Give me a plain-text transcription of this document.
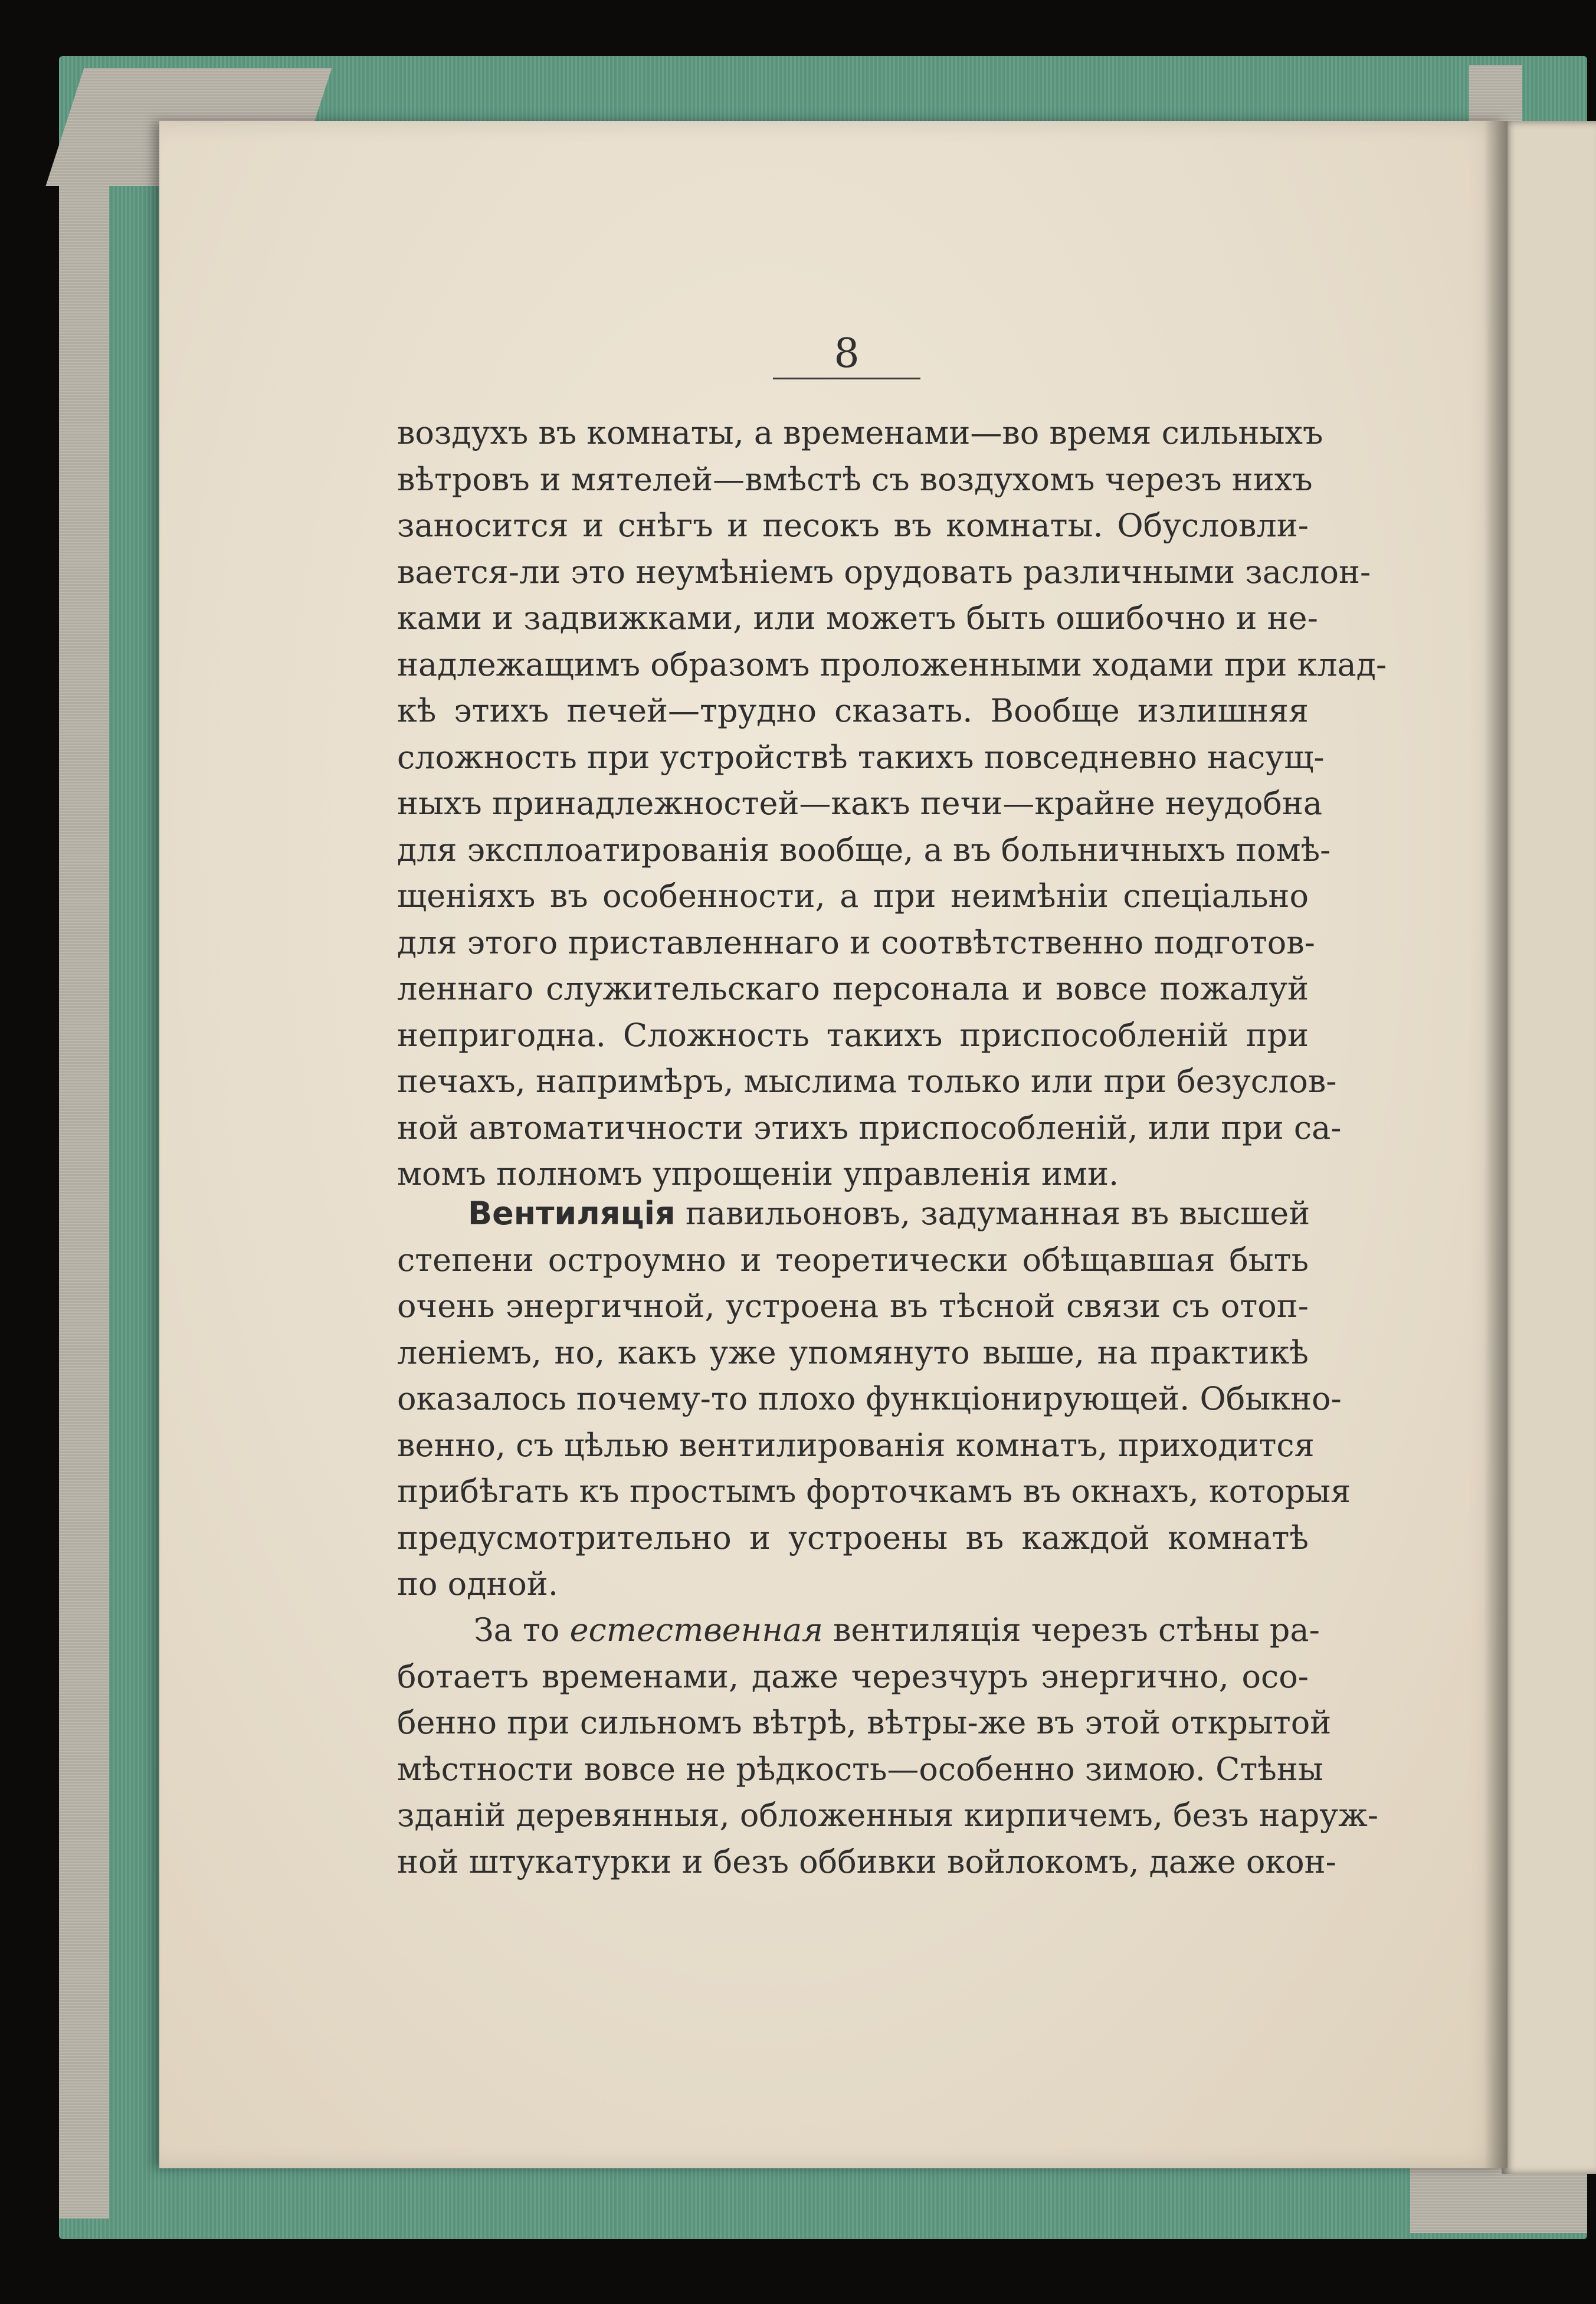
8
воздухъ въ комнаты, а временами—во время сильныхъ
вѣтровъ и мятелей—вмѣстѣ съ воздухомъ черезъ нихъ
заносится и снѣгъ и песокъ въ комнаты. Обусловли-
вается-ли это неумѣніемъ орудовать различными заслон-
ками и задвижками, или можетъ быть ошибочно и не-
надлежащимъ образомъ проложенными ходами при клад-
кѣ этихъ печей—трудно сказать. Вообще излишняя
сложность при устройствѣ такихъ повседневно насущ-
ныхъ принадлежностей—какъ печи—крайне неудобна
для эксплоатированія вообще, а въ больничныхъ помѣ-
щеніяхъ въ особенности, а при неимѣніи спеціально
для этого приставленнаго и соотвѣтственно подготов-
леннаго служительскаго персонала и вовсе пожалуй
непригодна. Сложность такихъ приспособленій при
печахъ, напримѣръ, мыслима только или при безуслов-
ной автоматичности этихъ приспособленій, или при са-
момъ полномъ упрощеніи управленія ими.
Вентиляція павильоновъ, задуманная въ высшей
степени остроумно и теоретически обѣщавшая быть
очень энергичной, устроена въ тѣсной связи съ отоп-
леніемъ, но, какъ уже упомянуто выше, на практикѣ
оказалось почему-то плохо функціонирующей. Обыкно-
венно, съ цѣлью вентилированія комнатъ, приходится
прибѣгать къ простымъ форточкамъ въ окнахъ, которыя
предусмотрительно и устроены въ каждой комнатѣ
по одной.
За то естественная вентиляція черезъ стѣны ра-
ботаетъ временами, даже черезчуръ энергично, осо-
бенно при сильномъ вѣтрѣ, вѣтры-же въ этой открытой
мѣстности вовсе не рѣдкость—особенно зимою. Стѣны
зданій деревянныя, обложенныя кирпичемъ, безъ наруж-
ной штукатурки и безъ оббивки войлокомъ, даже окон-
